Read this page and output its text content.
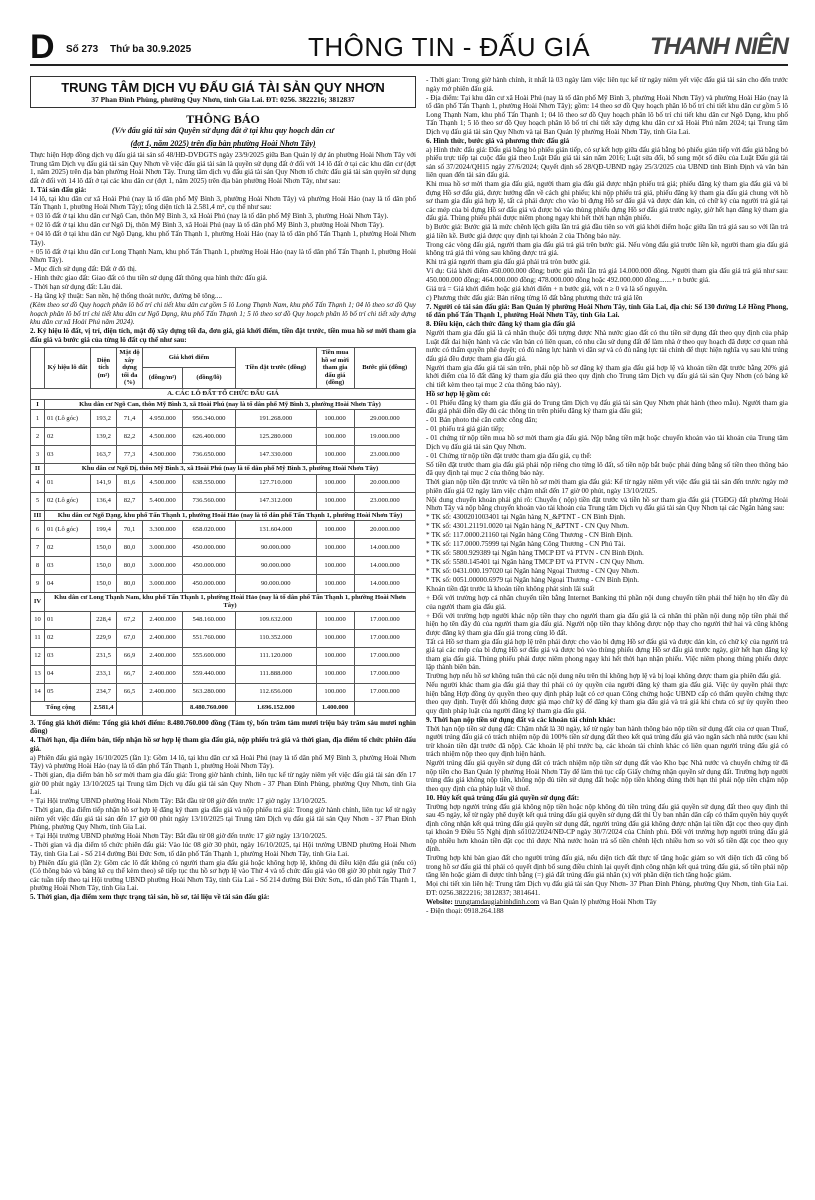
D Số 273 Thứ ba 30.9.2025	THÔNG TIN - ĐẤU GIÁ THANH NIÊN
TRUNG TÂM DỊCH VỤ ĐẤU GIÁ TÀI SẢN QUY NHƠN
37 Phan Đình Phùng, phường Quy Nhơn, tỉnh Gia Lai. ĐT: 0256. 3822216; 3812837
THÔNG BÁO
(V/v đấu giá tài sản Quyền sử dụng đất ở tại khu quy hoạch dân cư
(đợt 1, năm 2025) trên địa bàn phường Hoài Nhơn Tây)

Thực hiện Hợp đồng dịch vụ đấu giá tài sản số 48/HĐ-DVĐGTS ngày 23/9/2025 giữa Ban Quản lý dự án phường Hoài Nhơn Tây với Trung tâm Dịch vụ đấu giá tài sản Quy Nhơn về việc đấu giá tài sản là quyền sử dụng đất ở đối với 14 lô đất ở tại các khu dân cư (đợt 1, năm 2025) trên địa bàn phường Hoài Nhơn Tây. Trung tâm dịch vụ đấu giá tài sản Quy Nhơn tổ chức đấu giá tài sản quyền sử dụng đất ở đối với 14 lô đất ở tại các khu dân cư (đợt 1, năm 2025) trên địa bàn phường Hoài Nhơn Tây, như sau:

1. Tài sản đấu giá:

14 lô, tại khu dân cư xã Hoài Phú (nay là tổ dân phố Mỹ Bình 3, phường Hoài Nhơn Tây) và phường Hoài Hảo (nay là tổ dân phố Tấn Thạnh 1, phường Hoài Nhơn Tây); tổng diện tích là 2.581,4 m², cụ thể như sau:

+ 03 lô đất ở tại khu dân cư Ngõ Can, thôn Mỹ Bình 3, xã Hoài Phú (nay là tổ dân phố Mỹ Bình 3, phường Hoài Nhơn Tây).

+ 02 lô đất ở tại khu dân cư Ngõ Dị, thôn Mỹ Bình 3, xã Hoài Phú (nay là tổ dân phố Mỹ Bình 3, phường Hoài Nhơn Tây).

+ 04 lô đất ở tại khu dân cư Ngõ Dạng, khu phố Tấn Thạnh 1, phường Hoài Hảo (nay là tổ dân phố Tấn Thạnh 1, phường Hoài Nhơn Tây).

+ 05 lô đất ở tại khu dân cư Long Thạnh Nam, khu phố Tấn Thạnh 1, phường Hoài Hảo (nay là tổ dân phố Tấn Thạnh 1, phường Hoài Nhơn Tây).

- Mục đích sử dụng đất: Đất ở đô thị.

- Hình thức giao đất: Giao đất có thu tiền sử dụng đất thông qua hình thức đấu giá.

- Thời hạn sử dụng đất: Lâu dài.

- Hạ tầng kỹ thuật: San nền, hệ thống thoát nước, đường bê tông....

(Kèm theo sơ đồ Quy hoạch phân lô bố trí chi tiết khu dân cư gồm 5 lô Long Thạnh Nam, khu phố Tấn Thạnh 1; 04 lô theo sơ đồ Quy hoạch phân lô bố trí chi tiết khu dân cư Ngõ Dạng, khu phố Tấn Thạnh 1; 5 lô theo sơ đồ Quy hoạch phân lô bố trí chi tiết xây dựng khu dân cư xã Hoài Phú năm 2024).

2. Ký hiệu lô đất, vị trí, diện tích, mặt độ xây dựng tối đa, đơn giá, giá khởi điểm, tiền đặt trước, tiền mua hồ sơ mời tham gia đấu giá và bước giá của từng lô đất cụ thể như sau:

	Ký hiệu lô đất	Diện tích (m²)	Mật độ xây dựng tối đa (%)	Giá khởi điểm		Tiền đặt trước (đồng)	Tiền mua hồ sơ mời tham gia đấu giá (đồng)	Bước giá (đồng)
				(đồng/m²)	(đồng/lô)			
A. CÁC LÔ ĐẤT TỔ CHỨC ĐẤU GIÁ								
I	Khu dân cư Ngõ Can, thôn Mỹ Bình 3, xã Hoài Phú (nay là tổ dân phố Mỹ Bình 3, phường Hoài Nhơn Tây)							
1	01 (Lô góc)	193,2	71,4	4.950.000	956.340.000	191.268.000	100.000	29.000.000
2	02	139,2	82,2	4.500.000	626.400.000	125.280.000	100.000	19.000.000
3	03	163,7	77,3	4.500.000	736.650.000	147.330.000	100.000	23.000.000
II	Khu dân cư Ngõ Dị, thôn Mỹ Bình 3, xã Hoài Phú (nay là tổ dân phố Mỹ Bình 3, phường Hoài Nhơn Tây)							
4	01	141,9	81,6	4.500.000	638.550.000	127.710.000	100.000	20.000.000
5	02 (Lô góc)	136,4	82,7	5.400.000	736.560.000	147.312.000	100.000	23.000.000
III	Khu dân cư Ngõ Dạng, khu phố Tấn Thạnh 1, phường Hoài Hảo (nay là tổ dân phố Tấn Thạnh 1, phường Hoài Nhơn Tây)							
6	01 (Lô góc)	199,4	70,1	3.300.000	658.020.000	131.604.000	100.000	20.000.000
7	02	150,0	80,0	3.000.000	450.000.000	90.000.000	100.000	14.000.000
8	03	150,0	80,0	3.000.000	450.000.000	90.000.000	100.000	14.000.000
9	04	150,0	80,0	3.000.000	450.000.000	90.000.000	100.000	14.000.000
IV	Khu dân cư Long Thạnh Nam, khu phố Tấn Thạnh 1, phường Hoài Hảo (nay là tổ dân phố Tấn Thạnh 1, phường Hoài Nhơn Tây)							
10	01	228,4	67,2	2.400.000	548.160.000	109.632.000	100.000	17.000.000
11	02	229,9	67,0	2.400.000	551.760.000	110.352.000	100.000	17.000.000
12	03	231,5	66,9	2.400.000	555.600.000	111.120.000	100.000	17.000.000
13	04	233,1	66,7	2.400.000	559.440.000	111.888.000	100.000	17.000.000
14	05	234,7	66,5	2.400.000	563.280.000	112.656.000	100.000	17.000.000
Tổng cộng		2.581,4			8.480.760.000	1.696.152.000	1.400.000	

3. Tổng giá khởi điểm: Tổng giá khởi điểm: 8.480.760.000 đồng (Tám tỷ, bốn trăm tám mươi triệu bảy trăm sáu mươi nghìn đồng)

4. Thời hạn, địa điểm bán, tiếp nhận hồ sơ hợp lệ tham gia đấu giá, nộp phiếu trả giá và thời gian, địa điểm tổ chức phiên đấu giá.

a) Phiên đấu giá ngày 16/10/2025 (lần 1): Gồm 14 lô, tại khu dân cư xã Hoài Phú (nay là tổ dân phố Mỹ Bình 3, phường Hoài Nhơn Tây) và phường Hoài Hảo (nay là tổ dân phố Tấn Thạnh 1, phường Hoài Nhơn Tây).

- Thời gian, địa điểm bán hồ sơ mời tham gia đấu giá: Trong giờ hành chính, liên tục kể từ ngày niêm yết việc đấu giá tài sản đến 17 giờ 00 phút ngày 13/10/2025 tại Trung tâm Dịch vụ đấu giá tài sản Quy Nhơn - 37 Phan Đình Phùng, phường Quy Nhơn, tỉnh Gia Lai.

+ Tại Hội trường UBND phường Hoài Nhơn Tây: Bắt đầu từ 08 giờ đến trước 17 giờ ngày 13/10/2025.

- Thời gian, địa điểm tiếp nhận hồ sơ hợp lệ đăng ký tham gia đấu giá và nộp phiếu trả giá: Trong giờ hành chính, liên tục kể từ ngày niêm yết việc đấu giá tài sản đến 17 giờ 00 phút ngày 13/10/2025 tại Trung tâm Dịch vụ đấu giá tài sản Quy Nhơn - 37 Phan Đình Phùng, phường Quy Nhơn, tỉnh Gia Lai.

+ Tại Hội trường UBND phường Hoài Nhơn Tây: Bắt đầu từ 08 giờ đến trước 17 giờ ngày 13/10/2025.

- Thời gian và địa điểm tổ chức phiên đấu giá: Vào lúc 08 giờ 30 phút, ngày 16/10/2025, tại Hội trường UBND phường Hoài Nhơn Tây, tỉnh Gia Lai - Số 214 đường Bùi Đức Sơn, tổ dân phố Tấn Thạnh 1, phường Hoài Nhơn Tây, tỉnh Gia Lai.

b) Phiên đấu giá (lần 2): Gồm các lô đất không có người tham gia đấu giá hoặc không hợp lệ, không đủ điều kiện đấu giá (nếu có) (Có thông báo và bảng kê cụ thể kèm theo) sẽ tiếp tục thu hồ sơ hợp lệ vào Thứ 4 và tổ chức đấu giá vào 08 giờ 30 phút ngày Thứ 7 các tuần tiếp theo tại Hội trường UBND phường Hoài Nhơn Tây, tỉnh Gia Lai - Số 214 đường Bùi Đức Sơn,, tổ dân phố Tấn Thạnh 1, phường Hoài Nhơn Tây, tỉnh Gia Lai.

5. Thời gian, địa điểm xem thực trạng tài sản, hồ sơ, tài liệu về tài sản đấu giá:

- Thời gian: Trong giờ hành chính, ít nhất là 03 ngày làm việc liên tục kể từ ngày niêm yết việc đấu giá tài sản cho đến trước ngày mở phiên đấu giá.

- Địa điểm: Tại khu dân cư xã Hoài Phú (nay là tổ dân phố Mỹ Bình 3, phường Hoài Nhơn Tây) và phường Hoài Hảo (nay là tổ dân phố Tấn Thạnh 1, phường Hoài Nhơn Tây); gồm: 14 theo sơ đồ Quy hoạch phân lô bố trí chi tiết khu dân cư gồm 5 lô Long Thạnh Nam, khu phố Tấn Thạnh 1; 04 lô theo sơ đồ Quy hoạch phân lô bố trí chi tiết khu dân cư Ngõ Dạng, khu phố Tấn Thạnh 1; 5 lô theo sơ đồ Quy hoạch phân lô bố trí chi tiết xây dựng khu dân cư xã Hoài Phú năm 2024; tại Trung tâm Dịch vụ đấu giá tài sản Quy Nhơn và tại Ban Quản lý phường Hoài Nhơn Tây, tỉnh Gia Lai.

6. Hình thức, bước giá và phương thức đấu giá

a) Hình thức đấu giá: Đấu giá bằng bỏ phiếu gián tiếp, có sự kết hợp giữa đấu giá bằng bỏ phiếu gián tiếp với đấu giá bằng bỏ phiếu trực tiếp tại cuộc đấu giá theo Luật Đấu giá tài sản năm 2016; Luật sửa đổi, bổ sung một số điều của Luật Đấu giá tài sản số 37/2024/QH15 ngày 27/6/2024; Quyết định số 28/QĐ-UBND ngày 25/3/2025 của UBND tỉnh Bình Định và văn bản liên quan đến tài sản đấu giá.

Khi mua hồ sơ mời tham gia đấu giá, người tham gia đấu giá được nhận phiếu trả giá; phiếu đăng ký tham gia đấu giá và bì đựng Hồ sơ đấu giá, được hướng dẫn về cách ghi phiếu; khi nộp phiếu trả giá, phiếu đăng ký tham gia đấu giá chung với hồ sơ tham gia đấu giá hợp lệ, tất cả phải được cho vào bì đựng Hồ sơ đấu giá và được dán kín, có chữ ký của người trả giá tại các mép của bì đựng Hồ sơ đấu giá và được bỏ vào thùng phiếu đựng Hồ sơ đấu giá trước ngày, giờ hết hạn đăng ký tham gia đấu giá. Thùng phiếu phải được niêm phong ngay khi hết thời hạn nhận phiếu.

b) Bước giá: Bước giá là mức chênh lệch giữa lần trả giá đầu tiên so với giá khởi điểm hoặc giữa lần trả giá sau so với lần trả giá liền kề. Bước giá được quy định tại khoản 2 của Thông báo này.

Trong các vòng đấu giá, người tham gia đấu giá trả giá trên bước giá. Nếu vòng đấu giá trước liền kề, người tham gia đấu giá không trả giá thì vòng sau không được trả giá.

Khi trả giá người tham gia đấu giá phải trả tròn bước giá.

Ví dụ: Giá khởi điểm 450.000.000 đồng; bước giá mỗi lần trả giá 14.000.000 đồng. Người tham gia đấu giá trả giá như sau: 450.000.000 đồng; 464.000.000 đồng; 478.000.000 đồng hoặc 492.000.000 đồng.......+ n bước giá.

Giá trả = Giá khởi điểm hoặc giá khởi điểm + n bước giá, với n ≥ 0 và là số nguyên.

c) Phương thức đấu giá: Bán riêng từng lô đất bằng phương thức trả giá lên

7. Người có tài sản đấu giá: Ban Quản lý phường Hoài Nhơn Tây, tỉnh Gia Lai, địa chỉ: Số 130 đường Lê Hồng Phong, tổ dân phố Tấn Thạnh 1, phường Hoài Nhơn Tây, tỉnh Gia Lai.

8. Điều kiện, cách thức đăng ký tham gia đấu giá

Người tham gia đấu giá là cá nhân thuộc đối tượng được Nhà nước giao đất có thu tiền sử dụng đất theo quy định của pháp Luật đất đai hiện hành và các văn bản có liên quan, có nhu cầu sử dụng đất để làm nhà ở theo quy hoạch đã được cơ quan nhà nước có thẩm quyền phê duyệt; có đủ năng lực hành vi dân sự và có đủ năng lực tài chính để thực hiện nghĩa vụ sau khi trúng đấu giá đều được tham gia đấu giá.

Người tham gia đấu giá tài sản trên, phải nộp hồ sơ đăng ký tham gia đấu giá hợp lệ và khoản tiền đặt trước bằng 20% giá khởi điểm của lô đất đăng ký tham gia đấu giá theo quy định cho Trung tâm Dịch vụ đấu giá tài sản Quy Nhơn (có bảng kê chi tiết kèm theo tại mục 2 của thông báo này).

Hồ sơ hợp lệ gồm có:

- 01 Phiếu đăng ký tham gia đấu giá do Trung tâm Dịch vụ đấu giá tài sản Quy Nhơn phát hành (theo mẫu). Người tham gia đấu giá phải điền đầy đủ các thông tin trên phiếu đăng ký tham gia đấu giá;

- 01 Bản photo thẻ căn cước công dân;

- 01 phiếu trả giá gián tiếp;

- 01 chứng từ nộp tiền mua hồ sơ mời tham gia đấu giá. Nộp bằng tiền mặt hoặc chuyển khoản vào tài khoản của Trung tâm Dịch vụ đấu giá tài sản Quy Nhơn.

- 01 Chứng từ nộp tiền đặt trước tham gia đấu giá, cụ thể:

Số tiền đặt trước tham gia đấu giá phải nộp riêng cho từng lô đất, số tiền nộp bắt buộc phải đúng bằng số tiền theo thông báo đã quy định tại mục 2 của thông báo này.

Thời gian nộp tiền đặt trước và tiền hồ sơ mời tham gia đấu giá: Kể từ ngày niêm yết việc đấu giá tài sản đến trước ngày mở phiên đấu giá 02 ngày làm việc chậm nhất đến 17 giờ 00 phút, ngày 13/10/2025.

Nội dung chuyển khoản phải ghi rõ: Chuyển ( nộp) tiền đặt trước và tiền hồ sơ tham gia đấu giá (TGĐG) đất phường Hoài Nhơn Tây và nộp bằng chuyển khoản vào tài khoản của Trung tâm Dịch vụ đấu giá tài sản Quy Nhơn tại các Ngân hàng sau:

* TK số: 4300201003401 tại Ngân hàng N_&PTNT - CN Bình Định.

* TK số: 4301.21191.0020 tại Ngân hàng N_&PTNT - CN Quy Nhơn.

* TK số: 117.0000.21160 tại Ngân hàng Công Thương - CN Bình Định.

* TK số: 117.0000.75999 tại Ngân hàng Công Thương - CN Phú Tài.

* TK số: 5800.929389 tại Ngân hàng TMCP ĐT và PTVN - CN Bình Định.

* TK số: 5580.145401 tại Ngân hàng TMCP ĐT và PTVN - CN Quy Nhơn.

* TK số: 0431.000.197020 tại Ngân hàng Ngoại Thương - CN Quy Nhơn.

* TK số: 0051.00000.6979 tại Ngân hàng Ngoại Thương - CN Bình Định.

Khoản tiền đặt trước là khoản tiền không phát sinh lãi suất

+ Đối với trường hợp cá nhân chuyển tiền bằng Internet Banking thì phần nội dung chuyển tiền phải thể hiện họ tên đầy đủ của người tham gia đấu giá.

+ Đối với trường hợp người khác nộp tiền thay cho người tham gia đấu giá là cá nhân thì phần nội dung nộp tiền phải thể hiện họ tên đầy đủ của người tham gia đấu giá. Người nộp tiền thay không được nộp thay cho người thứ hai và cũng không được đăng ký tham gia đấu giá trong cùng lô đất.

Tất cả Hồ sơ tham gia đấu giá hợp lệ trên phải được cho vào bì đựng Hồ sơ đấu giá và được dán kín, có chữ ký của người trả giá tại các mép của bì đựng Hồ sơ đấu giá và được bỏ vào thùng phiếu đựng Hồ sơ đấu giá trước ngày, giờ hết hạn đăng ký tham gia đấu giá. Thùng phiếu phải được niêm phong ngay khi hết thời hạn nhận phiếu. Việc niêm phong thùng phiếu được lập thành biên bản.

Trường hợp nếu hồ sơ không tuân thủ các nội dung nêu trên thì không hợp lệ và bị loại không được tham gia phiên đấu giá.

Nếu người khác tham gia đấu giá thay thì phải có ủy quyền của người đăng ký tham gia đấu giá. Việc ủy quyền phải thực hiện bằng Hợp đồng ủy quyền theo quy định pháp luật có cơ quan Công chứng hoặc UBND cấp có thẩm quyền chứng thực theo quy định. Tuyệt đối không được giả mạo chữ ký để đăng ký tham gia đấu giá và trả giá khi chưa có sự ủy quyền theo quy định pháp luật của người đăng ký tham gia đấu giá.

9. Thời hạn nộp tiền sử dụng đất và các khoản tài chính khác:

Thời hạn nộp tiền sử dụng đất: Chậm nhất là 30 ngày, kể từ ngày ban hành thông báo nộp tiền sử dụng đất của cơ quan Thuế, người trúng đấu giá có trách nhiệm nộp đủ 100% tiền sử dụng đất theo kết quả trúng đấu giá vào ngân sách nhà nước (sau khi trừ khoản tiền đặt trước đã nộp). Các khoản lệ phí trước bạ, các khoản tài chính khác có liên quan người trúng đấu giá có trách nhiệm nộp theo quy định hiện hành.

Người trúng đấu giá quyền sử dụng đất có trách nhiệm nộp tiền sử dụng đất vào Kho bạc Nhà nước và chuyển chứng từ đã nộp tiền cho Ban Quản lý phường Hoài Nhơn Tây để làm thủ tục cấp Giấy chứng nhận quyền sử dụng đất. Trường hợp người trúng đấu giá không nộp tiền, không nộp đủ tiền sử dụng đất hoặc nộp tiền không đúng thời hạn thì phải nộp tiền chậm nộp theo quy định của pháp luật về thuế.

10. Hủy kết quả trúng đấu giá quyền sử dụng đất:

Trường hợp người trúng đấu giá không nộp tiền hoặc nộp không đủ tiền trúng đấu giá quyền sử dụng đất theo quy định thì sau 45 ngày, kể từ ngày phê duyệt kết quả trúng đấu giá quyền sử dụng đất thì Ủy ban nhân dân cấp có thẩm quyền hủy quyết định công nhận kết quả trúng đấu giá quyền sử dụng đất, người trúng đấu giá không được nhận lại tiền đặt cọc theo quy định tại khoản 9 Điều 55 Nghị định số102/2024/NĐ-CP ngày 30/7/2024 của Chính phủ. Đối với trường hợp người trúng đấu giá nộp nhiều hơn khoản tiền đặt cọc thì được Nhà nước hoàn trả số tiền chênh lệch nhiều hơn so với số tiền đặt cọc theo quy định.

Trường hợp khi bàn giao đất cho người trúng đấu giá, nếu diện tích đất thực tế tăng hoặc giảm so với diện tích đã công bố trong hồ sơ đấu giá thì phải có quyết định bổ sung điều chỉnh lại quyết định công nhận kết quả trúng đấu giá, số tiền phải nộp tăng lên hoặc giảm đi được tính bằng (=) giá đất trúng đấu giá nhân (x) với phần diện tích tăng hoặc giảm.

Mọi chi tiết xin liên hệ: Trung tâm Dịch vụ đấu giá tài sản Quy Nhơn- 37 Phan Đình Phùng, phường Quy Nhơn, tỉnh Gia Lai. ĐT: 0256.3822216; 3812837; 3814641.

Website: trungtamdaugiabinhdinh.com và Ban Quản lý phường Hoài Nhơn Tây

- Điện thoại: 0918.264.188
